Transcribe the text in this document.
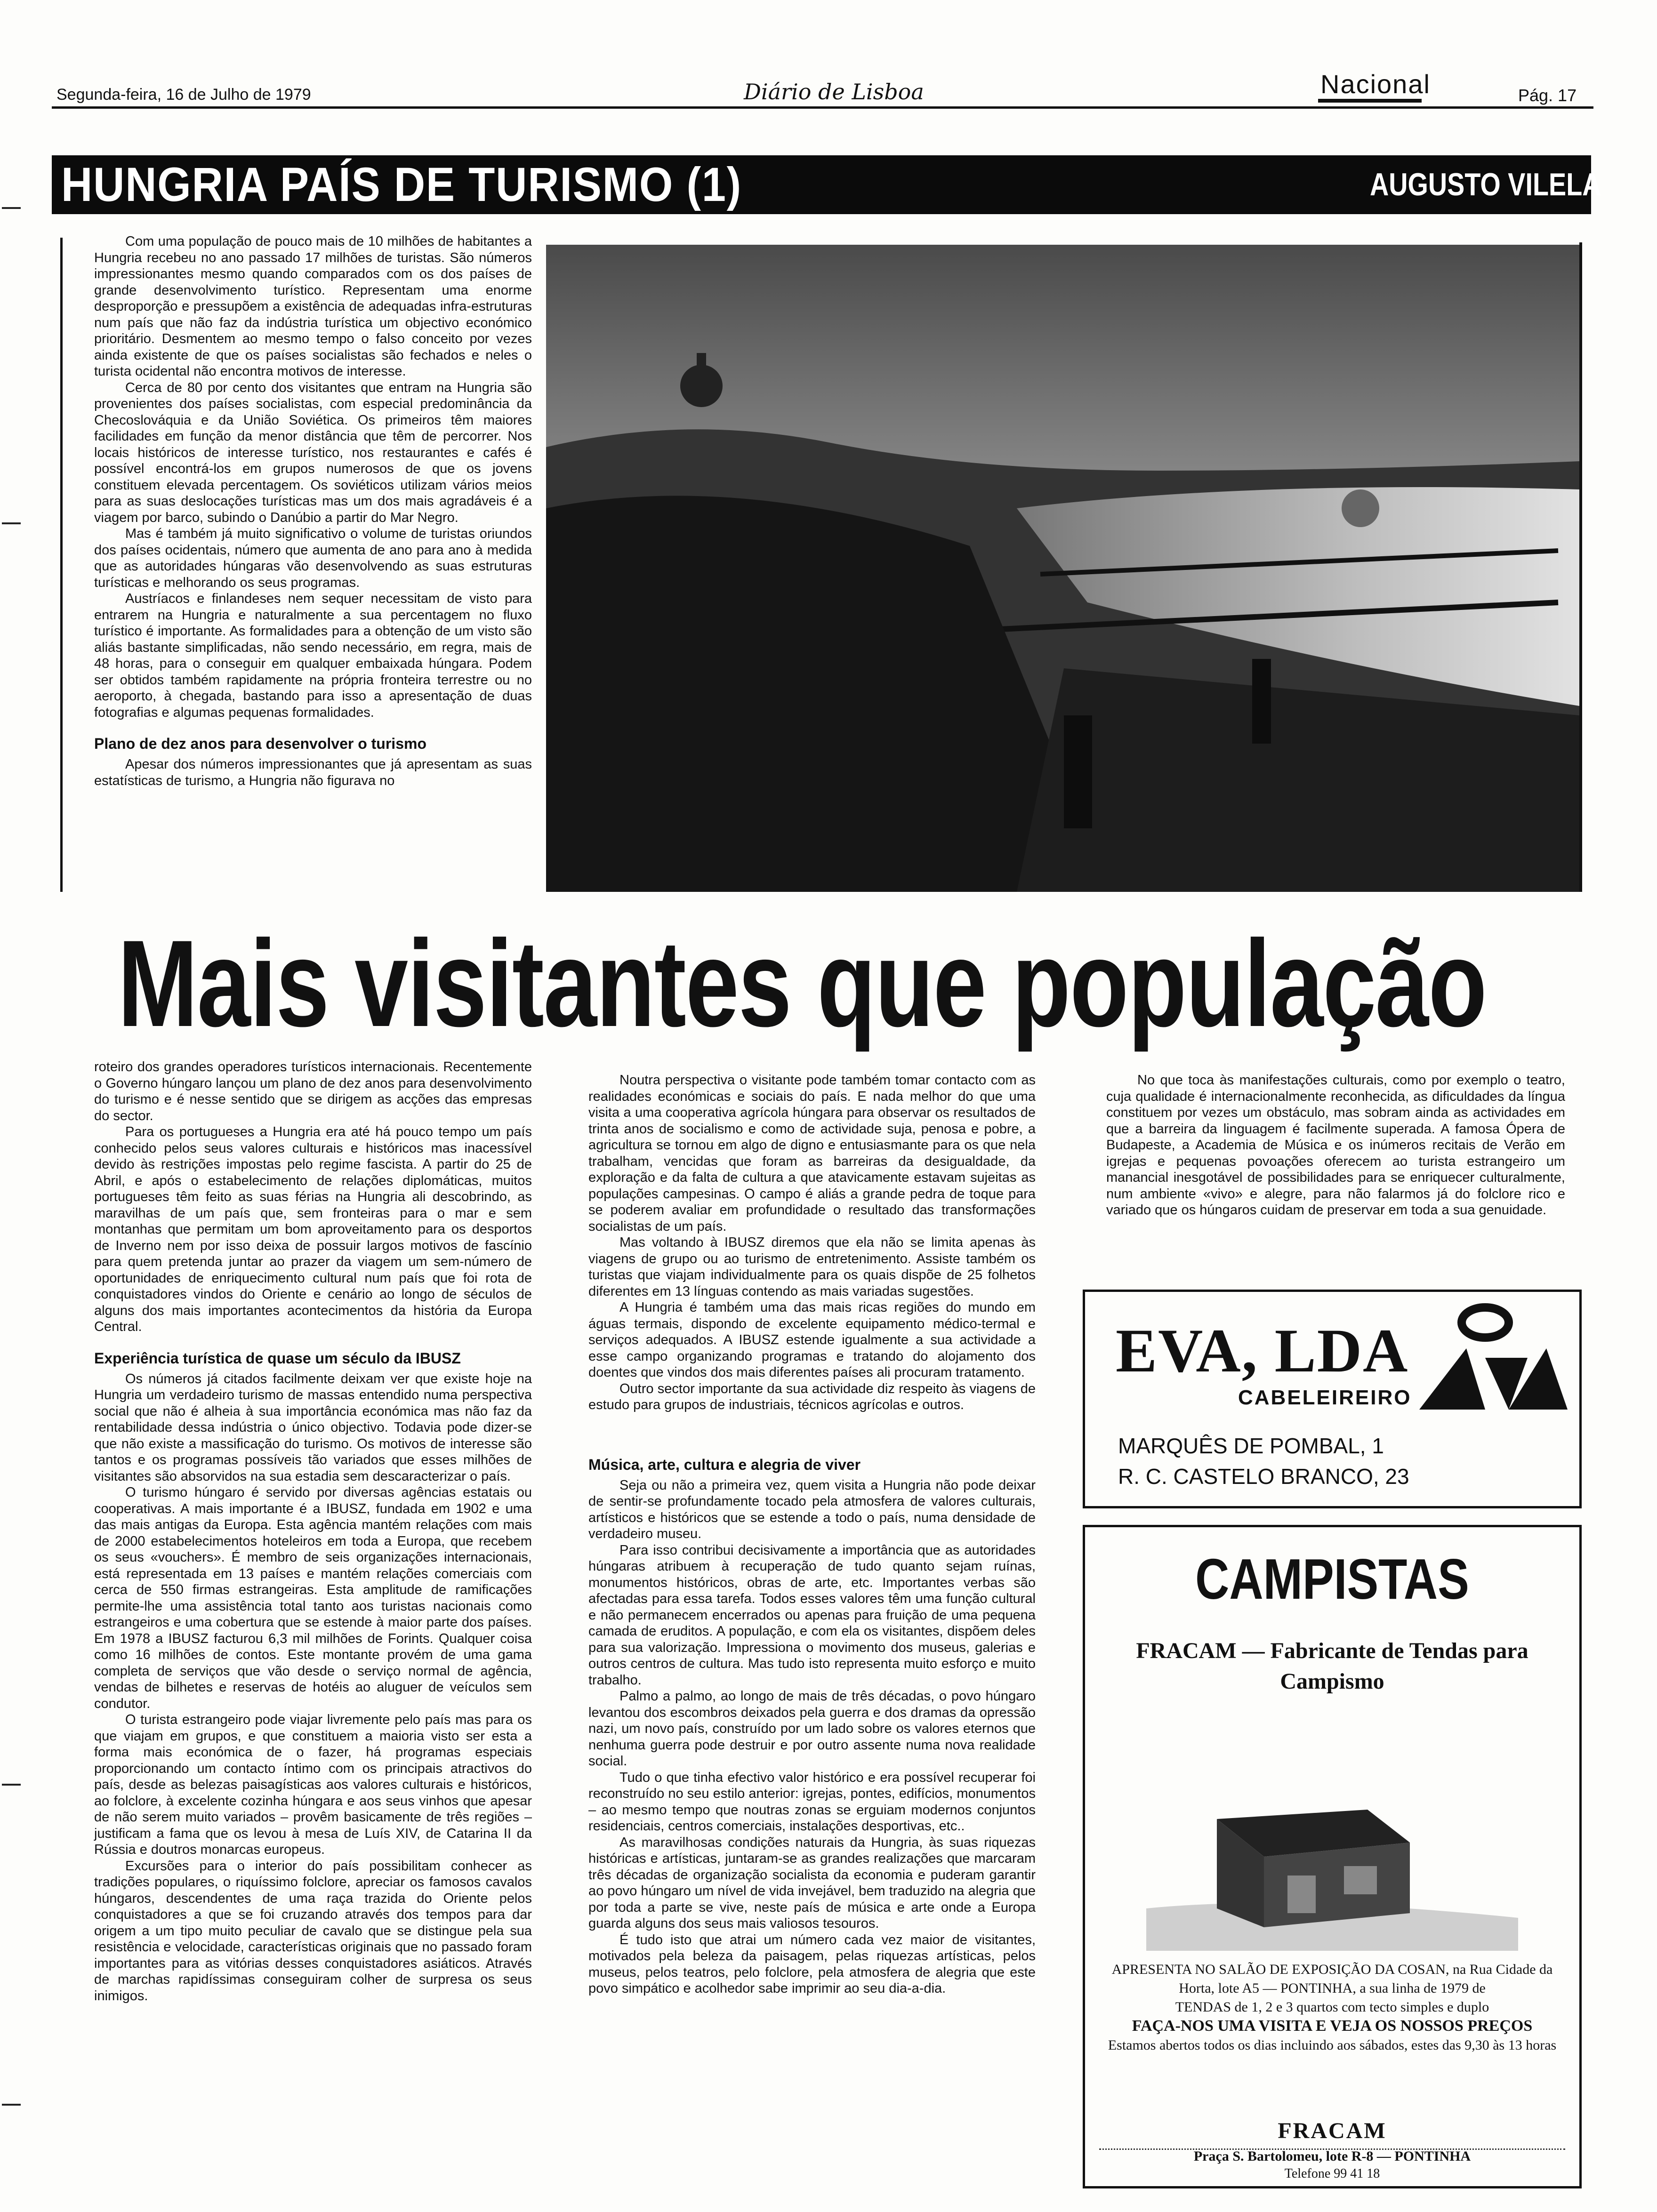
Segunda-feira, 16 de Julho de 1979	Diário de Lisboa	Nacional	Pág. 17
HUNGRIA PAÍS DE TURISMO (1)	AUGUSTO VILELA

Com uma população de pouco mais de 10 milhões de habitantes a Hungria recebeu no ano passado 17 milhões de turistas. São números impressionantes mesmo quando comparados com os dos países de grande desenvolvimento turístico. Representam uma enorme desproporção e pressupõem a existência de adequadas infra-estruturas num país que não faz da indústria turística um objectivo económico prioritário. Desmentem ao mesmo tempo o falso conceito por vezes ainda existente de que os países socialistas são fechados e neles o turista ocidental não encontra motivos de interesse.

Cerca de 80 por cento dos visitantes que entram na Hungria são provenientes dos países socialistas, com especial predominância da Checoslováquia e da União Soviética. Os primeiros têm maiores facilidades em função da menor distância que têm de percorrer. Nos locais históricos de interesse turístico, nos restaurantes e cafés é possível encontrá-los em grupos numerosos de que os jovens constituem elevada percentagem. Os soviéticos utilizam vários meios para as suas deslocações turísticas mas um dos mais agradáveis é a viagem por barco, subindo o Danúbio a partir do Mar Negro.

Mas é também já muito significativo o volume de turistas oriundos dos países ocidentais, número que aumenta de ano para ano à medida que as autoridades húngaras vão desenvolvendo as suas estruturas turísticas e melhorando os seus programas.

Austríacos e finlandeses nem sequer necessitam de visto para entrarem na Hungria e naturalmente a sua percentagem no fluxo turístico é importante. As formalidades para a obtenção de um visto são aliás bastante simplificadas, não sendo necessário, em regra, mais de 48 horas, para o conseguir em qualquer embaixada húngara. Podem ser obtidos também rapidamente na própria fronteira terrestre ou no aeroporto, à chegada, bastando para isso a apresentação de duas fotografias e algumas pequenas formalidades.

Plano de dez anos para desenvolver o turismo

Apesar dos números impressionantes que já apresentam as suas estatísticas de turismo, a Hungria não figurava no

Mais visitantes que população

roteiro dos grandes operadores turísticos internacionais. Recentemente o Governo húngaro lançou um plano de dez anos para desenvolvimento do turismo e é nesse sentido que se dirigem as acções das empresas do sector.

Para os portugueses a Hungria era até há pouco tempo um país conhecido pelos seus valores culturais e históricos mas inacessível devido às restrições impostas pelo regime fascista. A partir do 25 de Abril, e após o estabelecimento de relações diplomáticas, muitos portugueses têm feito as suas férias na Hungria ali descobrindo, as maravilhas de um país que, sem fronteiras para o mar e sem montanhas que permitam um bom aproveitamento para os desportos de Inverno nem por isso deixa de possuir largos motivos de fascínio para quem pretenda juntar ao prazer da viagem um sem-número de oportunidades de enriquecimento cultural num país que foi rota de conquistadores vindos do Oriente e cenário ao longo de séculos de alguns dos mais importantes acontecimentos da história da Europa Central.

Experiência turística de quase um século da IBUSZ

Os números já citados facilmente deixam ver que existe hoje na Hungria um verdadeiro turismo de massas entendido numa perspectiva social que não é alheia à sua importância económica mas não faz da rentabilidade dessa indústria o único objectivo. Todavia pode dizer-se que não existe a massificação do turismo. Os motivos de interesse são tantos e os programas possíveis tão variados que esses milhões de visitantes são absorvidos na sua estadia sem descaracterizar o país.

O turismo húngaro é servido por diversas agências estatais ou cooperativas. A mais importante é a IBUSZ, fundada em 1902 e uma das mais antigas da Europa. Esta agência mantém relações com mais de 2000 estabelecimentos hoteleiros em toda a Europa, que recebem os seus «vouchers». É membro de seis organizações internacionais, está representada em 13 países e mantém relações comerciais com cerca de 550 firmas estrangeiras. Esta amplitude de ramificações permite-lhe uma assistência total tanto aos turistas nacionais como estrangeiros e uma cobertura que se estende à maior parte dos países. Em 1978 a IBUSZ facturou 6,3 mil milhões de Forints. Qualquer coisa como 16 milhões de contos. Este montante provém de uma gama completa de serviços que vão desde o serviço normal de agência, vendas de bilhetes e reservas de hotéis ao aluguer de veículos sem condutor.

O turista estrangeiro pode viajar livremente pelo país mas para os que viajam em grupos, e que constituem a maioria visto ser esta a forma mais económica de o fazer, há programas especiais proporcionando um contacto íntimo com os principais atractivos do país, desde as belezas paisagísticas aos valores culturais e históricos, ao folclore, à excelente cozinha húngara e aos seus vinhos que apesar de não serem muito variados – provêm basicamente de três regiões – justificam a fama que os levou à mesa de Luís XIV, de Catarina II da Rússia e doutros monarcas europeus.

Excursões para o interior do país possibilitam conhecer as tradições populares, o riquíssimo folclore, apreciar os famosos cavalos húngaros, descendentes de uma raça trazida do Oriente pelos conquistadores a que se foi cruzando através dos tempos para dar origem a um tipo muito peculiar de cavalo que se distingue pela sua resistência e velocidade, características originais que no passado foram importantes para as vitórias desses conquistadores asiáticos. Através de marchas rapidíssimas conseguiram colher de surpresa os seus inimigos.

Noutra perspectiva o visitante pode também tomar contacto com as realidades económicas e sociais do país. E nada melhor do que uma visita a uma cooperativa agrícola húngara para observar os resultados de trinta anos de socialismo e como de actividade suja, penosa e pobre, a agricultura se tornou em algo de digno e entusiasmante para os que nela trabalham, vencidas que foram as barreiras da desigualdade, da exploração e da falta de cultura a que atavicamente estavam sujeitas as populações campesinas. O campo é aliás a grande pedra de toque para se poderem avaliar em profundidade o resultado das transformações socialistas de um país.

Mas voltando à IBUSZ diremos que ela não se limita apenas às viagens de grupo ou ao turismo de entretenimento. Assiste também os turistas que viajam individualmente para os quais dispõe de 25 folhetos diferentes em 13 línguas contendo as mais variadas sugestões.

A Hungria é também uma das mais ricas regiões do mundo em águas termais, dispondo de excelente equipamento médico-termal e serviços adequados. A IBUSZ estende igualmente a sua actividade a esse campo organizando programas e tratando do alojamento dos doentes que vindos dos mais diferentes países ali procuram tratamento.

Outro sector importante da sua actividade diz respeito às viagens de estudo para grupos de industriais, técnicos agrícolas e outros.

Música, arte, cultura e alegria de viver

Seja ou não a primeira vez, quem visita a Hungria não pode deixar de sentir-se profundamente tocado pela atmosfera de valores culturais, artísticos e históricos que se estende a todo o país, numa densidade de verdadeiro museu.

Para isso contribui decisivamente a importância que as autoridades húngaras atribuem à recuperação de tudo quanto sejam ruínas, monumentos históricos, obras de arte, etc. Importantes verbas são afectadas para essa tarefa. Todos esses valores têm uma função cultural e não permanecem encerrados ou apenas para fruição de uma pequena camada de eruditos. A população, e com ela os visitantes, dispõem deles para sua valorização. Impressiona o movimento dos museus, galerias e outros centros de cultura. Mas tudo isto representa muito esforço e muito trabalho.

Palmo a palmo, ao longo de mais de três décadas, o povo húngaro levantou dos escombros deixados pela guerra e dos dramas da opressão nazi, um novo país, construído por um lado sobre os valores eternos que nenhuma guerra pode destruir e por outro assente numa nova realidade social.

Tudo o que tinha efectivo valor histórico e era possível recuperar foi reconstruído no seu estilo anterior: igrejas, pontes, edifícios, monumentos – ao mesmo tempo que noutras zonas se erguiam modernos conjuntos residenciais, centros comerciais, instalações desportivas, etc..

As maravilhosas condições naturais da Hungria, às suas riquezas históricas e artísticas, juntaram-se as grandes realizações que marcaram três décadas de organização socialista da economia e puderam garantir ao povo húngaro um nível de vida invejável, bem traduzido na alegria que por toda a parte se vive, neste país de música e arte onde a Europa guarda alguns dos seus mais valiosos tesouros.

É tudo isto que atrai um número cada vez maior de visitantes, motivados pela beleza da paisagem, pelas riquezas artísticas, pelos museus, pelos teatros, pelo folclore, pela atmosfera de alegria que este povo simpático e acolhedor sabe imprimir ao seu dia-a-dia.

No que toca às manifestações culturais, como por exemplo o teatro, cuja qualidade é internacionalmente reconhecida, as dificuldades da língua constituem por vezes um obstáculo, mas sobram ainda as actividades em que a barreira da linguagem é facilmente superada. A famosa Ópera de Budapeste, a Academia de Música e os inúmeros recitais de Verão em igrejas e pequenas povoações oferecem ao turista estrangeiro um manancial inesgotável de possibilidades para se enriquecer culturalmente, num ambiente «vivo» e alegre, para não falarmos já do folclore rico e variado que os húngaros cuidam de preservar em toda a sua genuidade.

EVA, LDA
CABELEIREIRO
MARQUÊS DE POMBAL, 1
R. C. CASTELO BRANCO, 23
CAMPISTAS
FRACAM — Fabricante de Tendas para
Campismo
APRESENTA NO SALÃO DE EXPOSIÇÃO DA COSAN, na Rua Cidade da Horta, lote A5 — PONTINHA, a sua linha de 1979 de
TENDAS de 1, 2 e 3 quartos com tecto simples e duplo
FAÇA-NOS UMA VISITA E VEJA OS NOSSOS PREÇOS
Estamos abertos todos os dias incluindo aos sábados, estes das 9,30 às 13 horas
FRACAM
Praça S. Bartolomeu, lote R-8 — PONTINHA
Telefone 99 41 18
